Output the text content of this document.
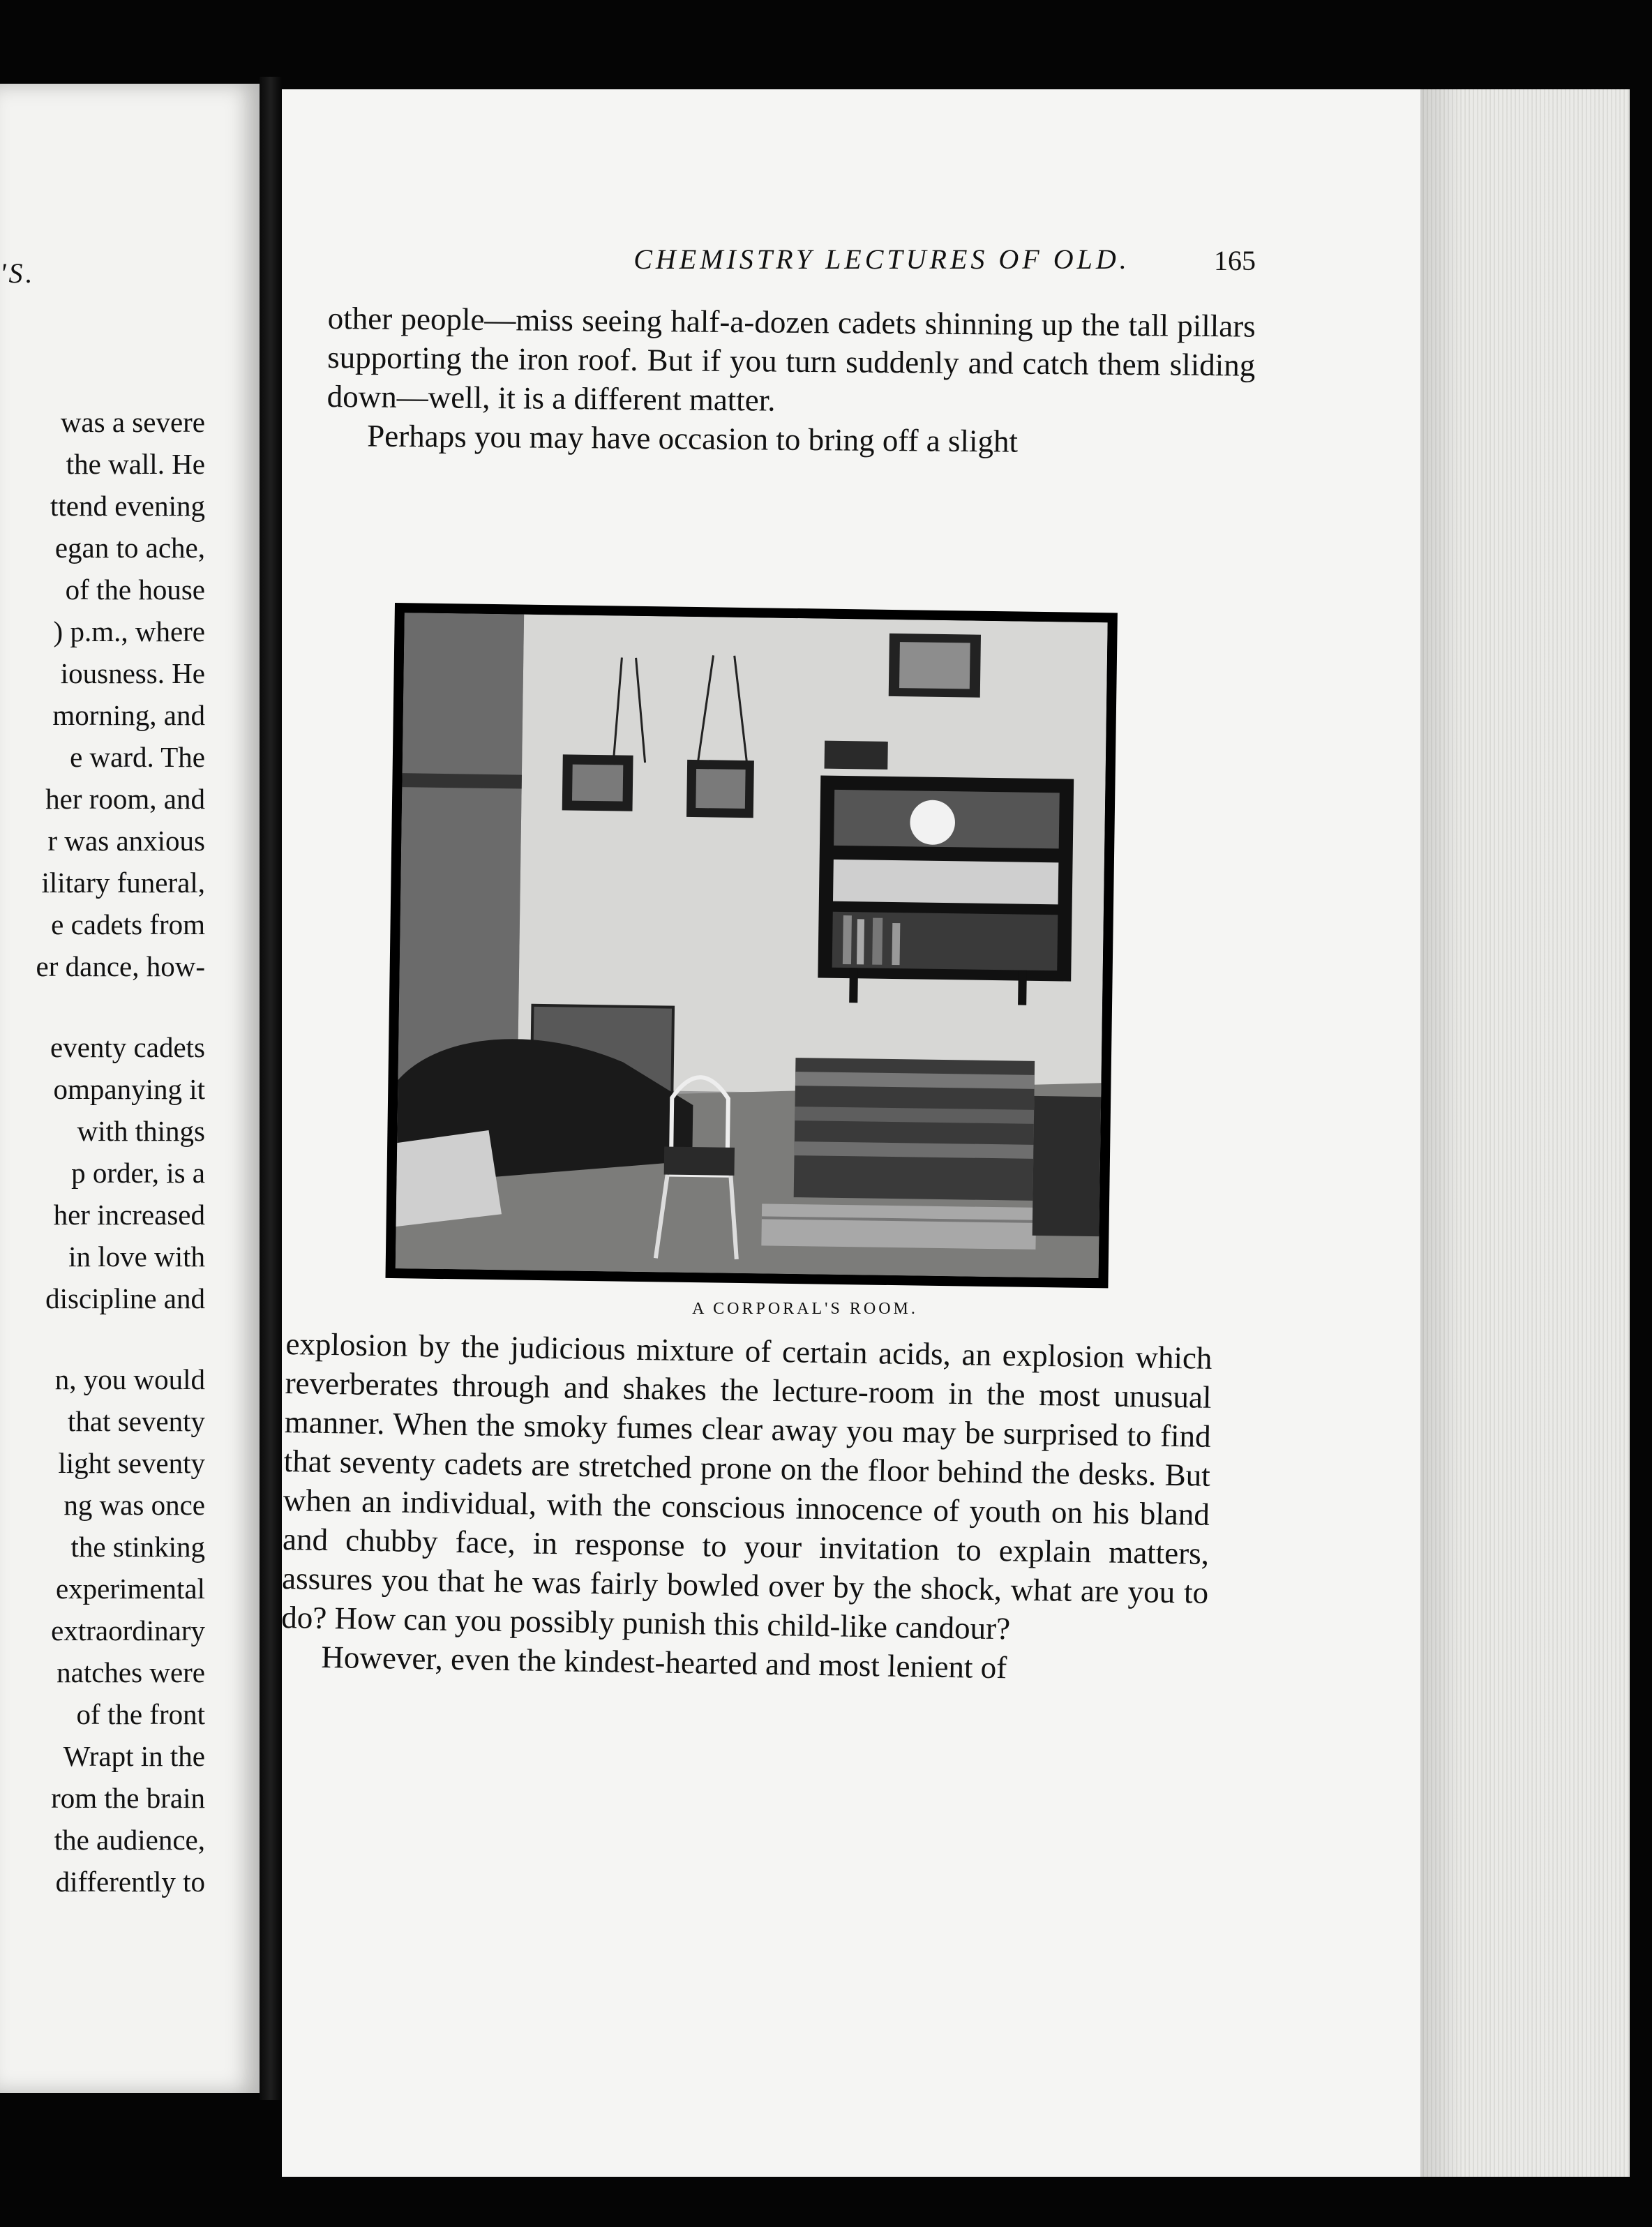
'S.
was a severe
the wall. He
ttend evening
egan to ache,
of the house
) p.m., where
iousness. He
morning, and
e ward. The
her room, and
r was anxious
ilitary funeral,
e cadets from
er dance, how-
eventy cadets
ompanying it
with things
p order, is a
her increased
in love with
discipline and
n, you would
that seventy
light seventy
ng was once
the stinking
experimental
extraordinary
natches were
of the front
Wrapt in the
rom the brain
the audience,
differently to
CHEMISTRY LECTURES OF OLD.	165

other people—miss seeing half-a-dozen cadets shinning up the tall pillars supporting the iron roof. But if you turn suddenly and catch them sliding down—well, it is a different matter.

Perhaps you may have occasion to bring off a slight

A CORPORAL'S ROOM.

explosion by the judicious mixture of certain acids, an explosion which reverberates through and shakes the lecture-room in the most unusual manner. When the smoky fumes clear away you may be surprised to find that seventy cadets are stretched prone on the floor behind the desks. But when an individual, with the conscious innocence of youth on his bland and chubby face, in response to your invitation to explain matters, assures you that he was fairly bowled over by the shock, what are you to do? How can you possibly punish this child-like candour?

However, even the kindest-hearted and most lenient of
